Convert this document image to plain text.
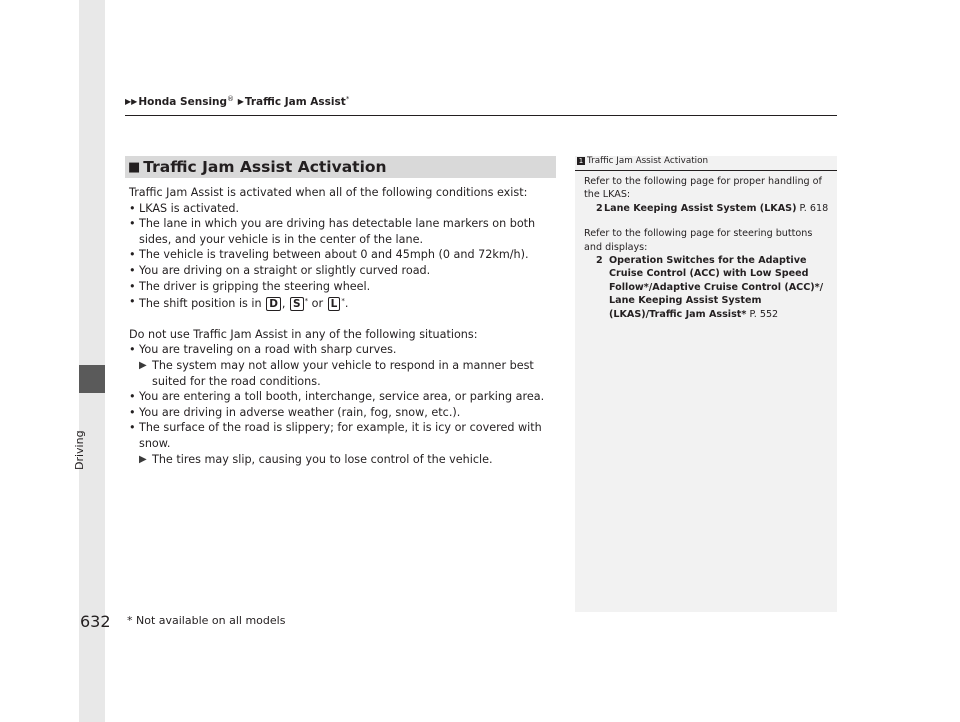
Driving
▶▶Honda Sensing® ▶Traffic Jam Assist*
■ Traffic Jam Assist Activation

Traffic Jam Assist is activated when all of the following conditions exist:

• LKAS is activated.

• The lane in which you are driving has detectable lane markers on both sides, and your vehicle is in the center of the lane.

• The vehicle is traveling between about 0 and 45mph (0 and 72km/h).

• You are driving on a straight or slightly curved road.

• The driver is gripping the steering wheel.

• The shift position is in D , S * or L *.

Do not use Traffic Jam Assist in any of the following situations:

• You are traveling on a road with sharp curves.

▶ The system may not allow your vehicle to respond in a manner best suited for the road conditions.

• You are entering a toll booth, interchange, service area, or parking area.

• You are driving in adverse weather (rain, fog, snow, etc.).

• The surface of the road is slippery; for example, it is icy or covered with snow.

▶ The tires may slip, causing you to lose control of the vehicle.

1 Traffic Jam Assist Activation

Refer to the following page for proper handling of the LKAS:

2 Lane Keeping Assist System (LKAS) P. 618

Refer to the following page for steering buttons and displays:

2 Operation Switches for the Adaptive Cruise Control (ACC) with Low Speed Follow*/Adaptive Cruise Control (ACC)*/ Lane Keeping Assist System (LKAS)/Traffic Jam Assist* P. 552

632 * Not available on all models
